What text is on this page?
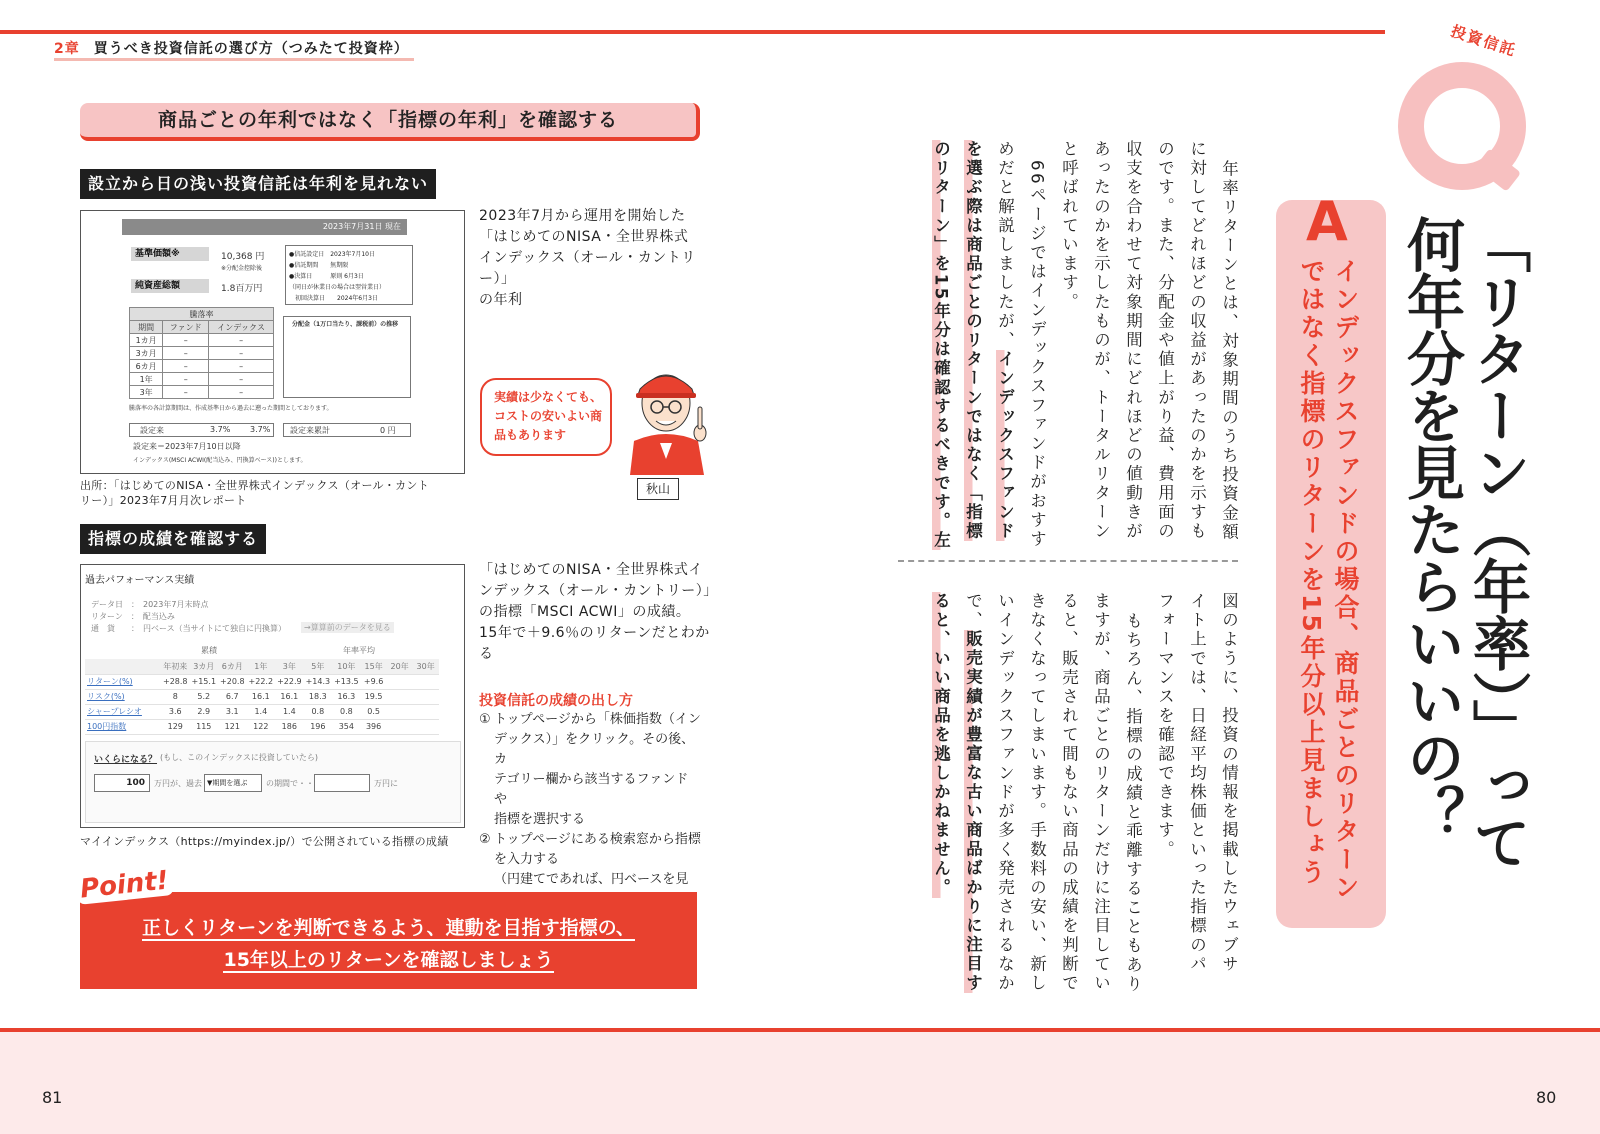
2章 買うべき投資信託の選び方（つみたて投資枠）
商品ごとの年利ではなく「指標の年利」を確認する
設立から日の浅い投資信託は年利を見れない
2023年7月31日 現在
基準価額※	10,368 円
※分配金控除後
純資産総額	1.8百万円
●信託設定日　2023年7月10日
●信託期間　　無期限
●決算日　　　原則 6月3日
（同日が休業日の場合は翌営業日）
　初回決算日　　2024年6月3日
騰落率		
期間	ファンド	インデックス
1カ月	–	–
3カ月	–	–
6カ月	–	–
1年	–	–
3年	–	–
分配金（1万口当たり、課税前）の推移
騰落率の各計算期間は、作成基準日から過去に遡った期間としております。
設定来	3.7% 3.7% 設定来累計	0 円
設定来＝2023年7月10日以降
インデックス(MSCI ACWI(配当込み、円換算ベース))とします。
2023年7月から運用を開始した
「はじめてのNISA・全世界株式
インデックス（オール・カントリー）」
の年利
実績は少なくても、コストの安いよい商品もあります
秋山
出所：「はじめてのNISA・全世界株式インデックス（オール・カント
リー）」2023年7月月次レポート
指標の成績を確認する
過去パフォーマンス実績
データ日　：　2023年7月末時点
リターン　：　配当込み
通　貨　　：　円ベース（当サイトにて独自に円換算）	→算算前のデータを見る
累積	年率平均
	年初来	3カ月	6カ月	1年	3年	5年	10年	15年	20年	30年
リターン(%)	+28.8	+15.1	+20.8	+22.2	+22.9	+14.3	+13.5	+9.6		
リスク(%)	8	5.2	6.7	16.1	16.1	18.3	16.3	19.5		
シャープレシオ	3.6	2.9	3.1	1.4	1.4	0.8	0.8	0.5		
100円指数	129	115	121	122	186	196	354	396		
いくらになる？ (もし、このインデックスに投資していたら)
100	万円が、過去 ▼期間を選ぶ	の期間で・・	万円に
「はじめてのNISA・全世界株式イ
ンデックス（オール・カントリー）」
の指標「MSCI ACWI」の成績。
15年で＋9.6％のリターンだとわか
る
マイインデックス（https://myindex.jp/）で公開されている指標の成績
投資信託の成績の出し方
① トップページから「株価指数（イン
デックス）」をクリック。その後、カ
テゴリー欄から該当するファンドや
指標を選択する
② トップページにある検索窓から指標
を入力する
（円建てであれば、円ベースを見
Point!
正しくリターンを判断できるよう、連動を目指す指標の、
15年以上のリターンを確認しましょう
投資信託
「リターン（年率）」って
何年分を見たらいいの？
A
インデックスファンドの場合、商品ごとのリターン
ではなく指標のリターンを15年分以上見ましょう
年率リターンとは、対象期間のうち投資金額
に対してどれほどの収益があったのかを示すも
のです。また、分配金や値上がり益、費用面の
収支を合わせて対象期間にどれほどの値動きが
あったのかを示したものが、トータルリターン
と呼ばれています。
66ページではインデックスファンドがおすす
めだと解説しましたが、インデックスファンド
を選ぶ際は商品ごとのリターンではなく「指標
のリターン」を15年分は確認するべきです。左
図のように、投資の情報を掲載したウェブサ
イト上では、日経平均株価といった指標のパ
フォーマンスを確認できます。
もちろん、指標の成績と乖離することもあり
ますが、商品ごとのリターンだけに注目してい
ると、販売されて間もない商品の成績を判断で
きなくなってしまいます。手数料の安い、新し
いインデックスファンドが多く発売されるなか
で、販売実績が豊富な古い商品ばかりに注目す
ると、いい商品を逃しかねません。
81	80
